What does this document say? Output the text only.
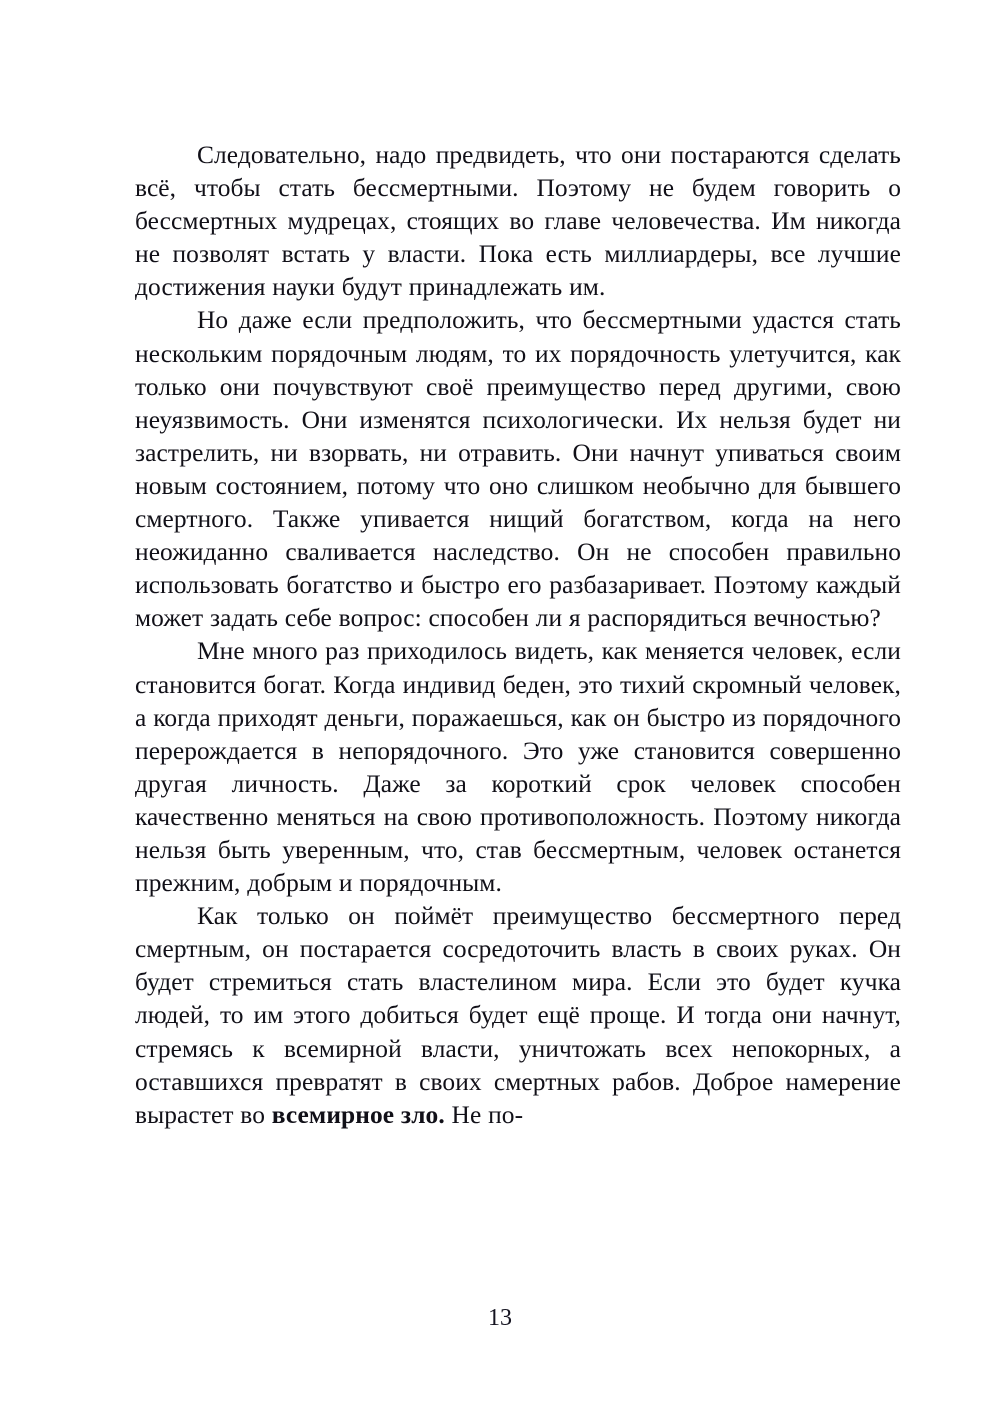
Следовательно, надо предвидеть, что они постараются сделать всё, чтобы стать бессмертными. Поэтому не будем говорить о бессмертных мудрецах, стоящих во главе человечества. Им никогда не позволят встать у власти. Пока есть миллиардеры, все лучшие достижения науки будут принадлежать им.

Но даже если предположить, что бессмертными удастся стать нескольким порядочным людям, то их порядочность улетучится, как только они почувствуют своё преимущество перед другими, свою неуязвимость. Они изменятся психологически. Их нельзя будет ни застрелить, ни взорвать, ни отравить. Они начнут упиваться своим новым состоянием, потому что оно слишком необычно для бывшего смертного. Также упивается нищий богатством, когда на него неожиданно сваливается наследство. Он не способен правильно использовать богатство и быстро его разбазаривает. Поэтому каждый может задать себе вопрос: способен ли я распорядиться вечностью?

Мне много раз приходилось видеть, как меняется человек, если становится богат. Когда индивид беден, это тихий скромный человек, а когда приходят деньги, поражаешься, как он быстро из порядочного перерождается в непорядочного. Это уже становится совершенно другая личность. Даже за короткий срок человек способен качественно меняться на свою противоположность. Поэтому никогда нельзя быть уверенным, что, став бессмертным, человек останется прежним, добрым и порядочным.

Как только он поймёт преимущество бессмертного перед смертным, он постарается сосредоточить власть в своих руках. Он будет стремиться стать властелином мира. Если это будет кучка людей, то им этого добиться будет ещё проще. И тогда они начнут, стремясь к всемирной власти, уничтожать всех непокорных, а оставшихся превратят в своих смертных рабов. Доброе намерение вырастет во всемирное зло. Не по-

13
